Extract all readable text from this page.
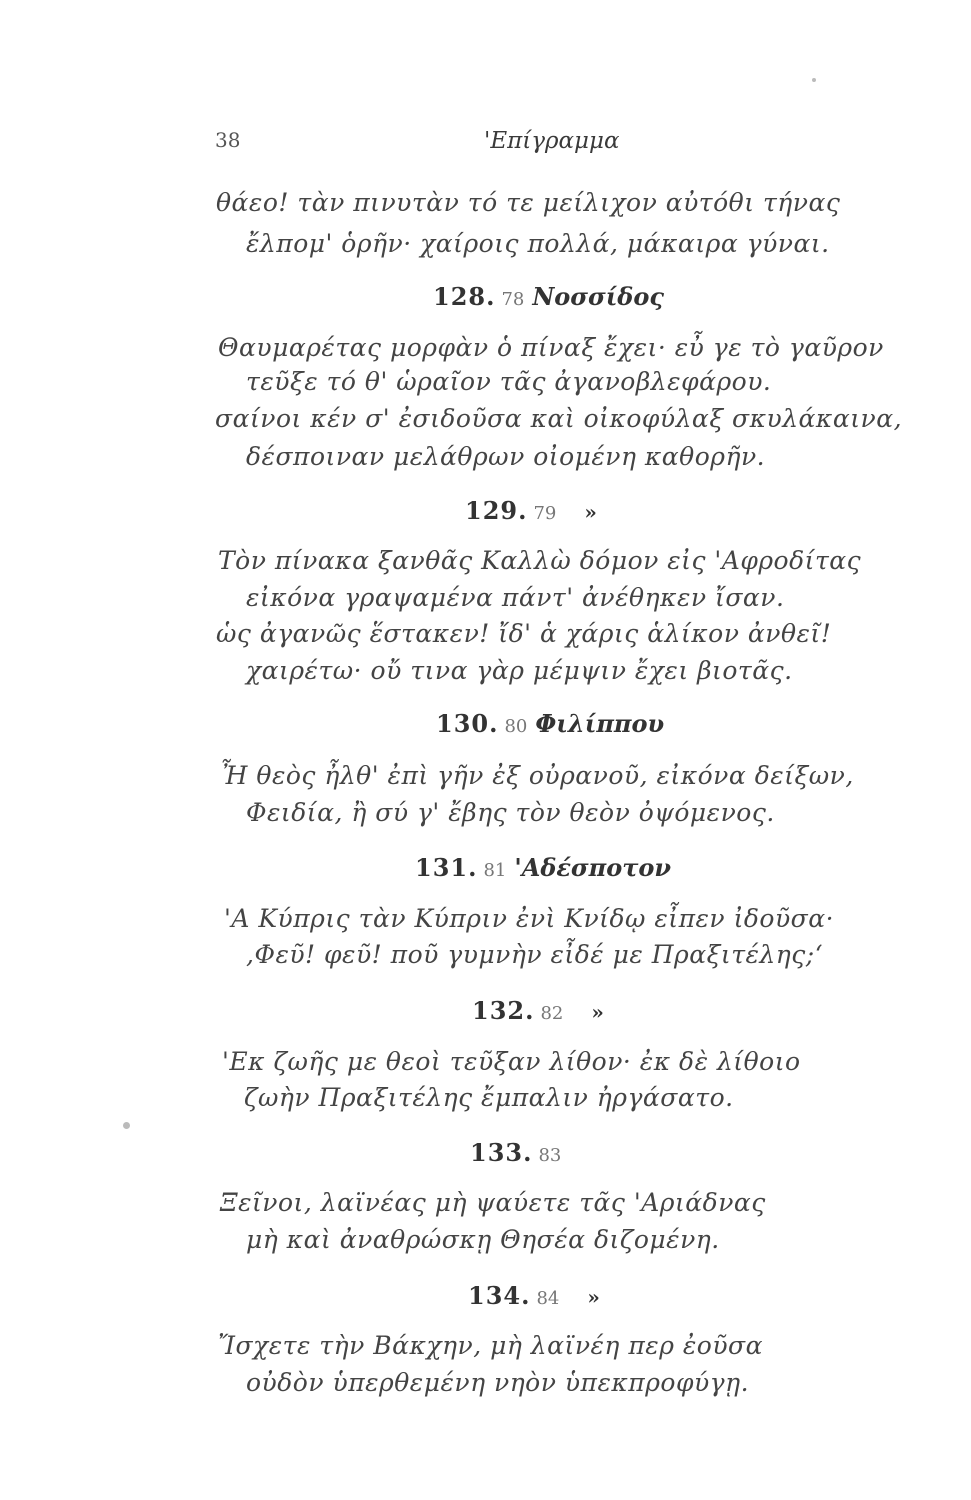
38	'Επίγραμμα
θάεο! τὰν πινυτὰν τό τε μείλιχον αὐτόθι τήνας
ἔλπομ' ὁρῆν· χαίροις πολλά, μάκαιρα γύναι.
128. 78 Νοσσίδος
Θαυμαρέτας μορφὰν ὁ πίναξ ἔχει· εὖ γε τὸ γαῦρον
τεῦξε τό θ' ὡραῖον τᾶς ἀγανοβλεφάρου.
σαίνοι κέν σ' ἐσιδοῦσα καὶ οἰκοφύλαξ σκυλάκαινα,
δέσποιναν μελάθρων οἰομένη καθορῆν.
129. 79 »
Τὸν πίνακα ξανθᾶς Καλλὼ δόμον εἰς 'Αφροδίτας
εἰκόνα γραψαμένα πάντ' ἀνέθηκεν ἴσαν.
ὡς ἀγανῶς ἕστακεν! ἴδ' ἁ χάρις ἁλίκον ἀνθεῖ!
χαιρέτω· οὔ τινα γὰρ μέμψιν ἔχει βιοτᾶς.
130. 80 Φιλίππου
Ἦ θεὸς ἦλθ' ἐπὶ γῆν ἐξ οὐρανοῦ, εἰκόνα δείξων,
Φειδία, ἢ σύ γ' ἔβης τὸν θεὸν ὀψόμενος.
131. 81 'Αδέσποτον
'Α Κύπρις τὰν Κύπριν ἐνὶ Κνίδῳ εἶπεν ἰδοῦσα·
,Φεῦ! φεῦ! ποῦ γυμνὴν εἶδέ με Πραξιτέλης;‘
132. 82 »
'Εκ ζωῆς με θεοὶ τεῦξαν λίθον· ἐκ δὲ λίθοιο
ζωὴν Πραξιτέλης ἔμπαλιν ἠργάσατο.
133. 83
Ξεῖνοι, λαϊνέας μὴ ψαύετε τᾶς 'Αριάδνας
μὴ καὶ ἀναθρώσκῃ Θησέα διζομένη.
134. 84 »
Ἴσχετε τὴν Βάκχην, μὴ λαϊνέη περ ἐοῦσα
οὐδὸν ὑπερθεμένη νηὸν ὑπεκπροφύγῃ.
